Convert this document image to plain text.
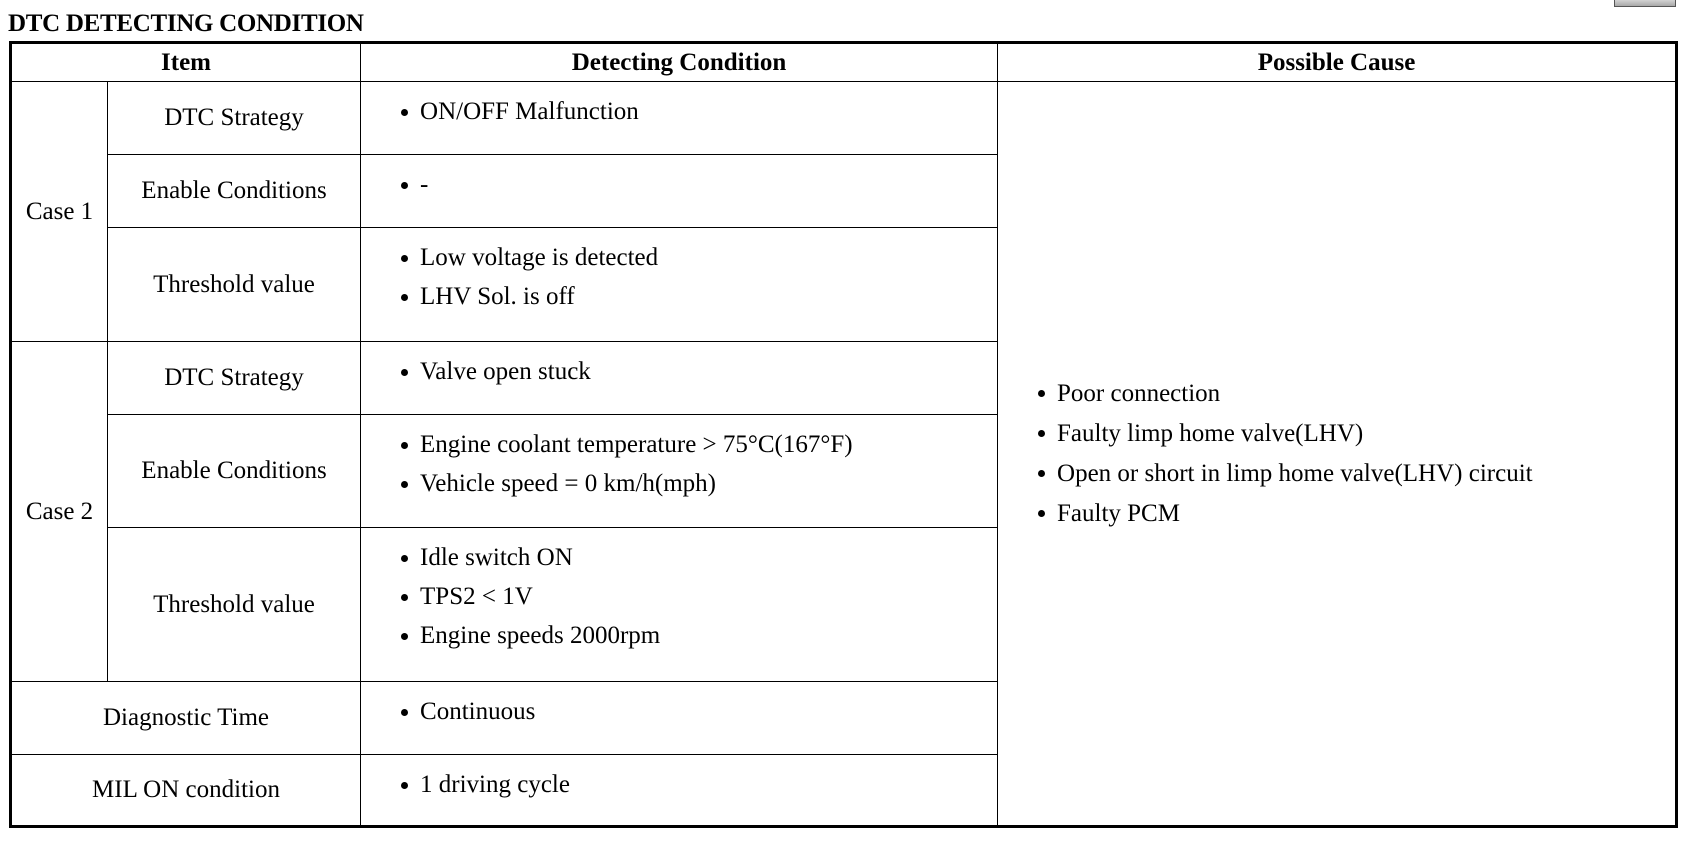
DTC DETECTING CONDITION
Item		Detecting Condition	Possible Cause
Case 1	DTC Strategy	ON/OFF Malfunction	Poor connection
Faulty limp home valve(LHV)
Open or short in limp home valve(LHV) circuit
Faulty PCM

	Enable Conditions	-	

	Threshold value	Low voltage is detected
LHV Sol. is off	

Case 2	DTC Strategy	Valve open stuck	

	Enable Conditions	Engine coolant temperature > 75°C(167°F)
Vehicle speed = 0 km/h(mph)	

	Threshold value	Idle switch ON
TPS2 < 1V
Engine speeds 2000rpm	

Diagnostic Time		Continuous	

MIL ON condition		1 driving cycle	
